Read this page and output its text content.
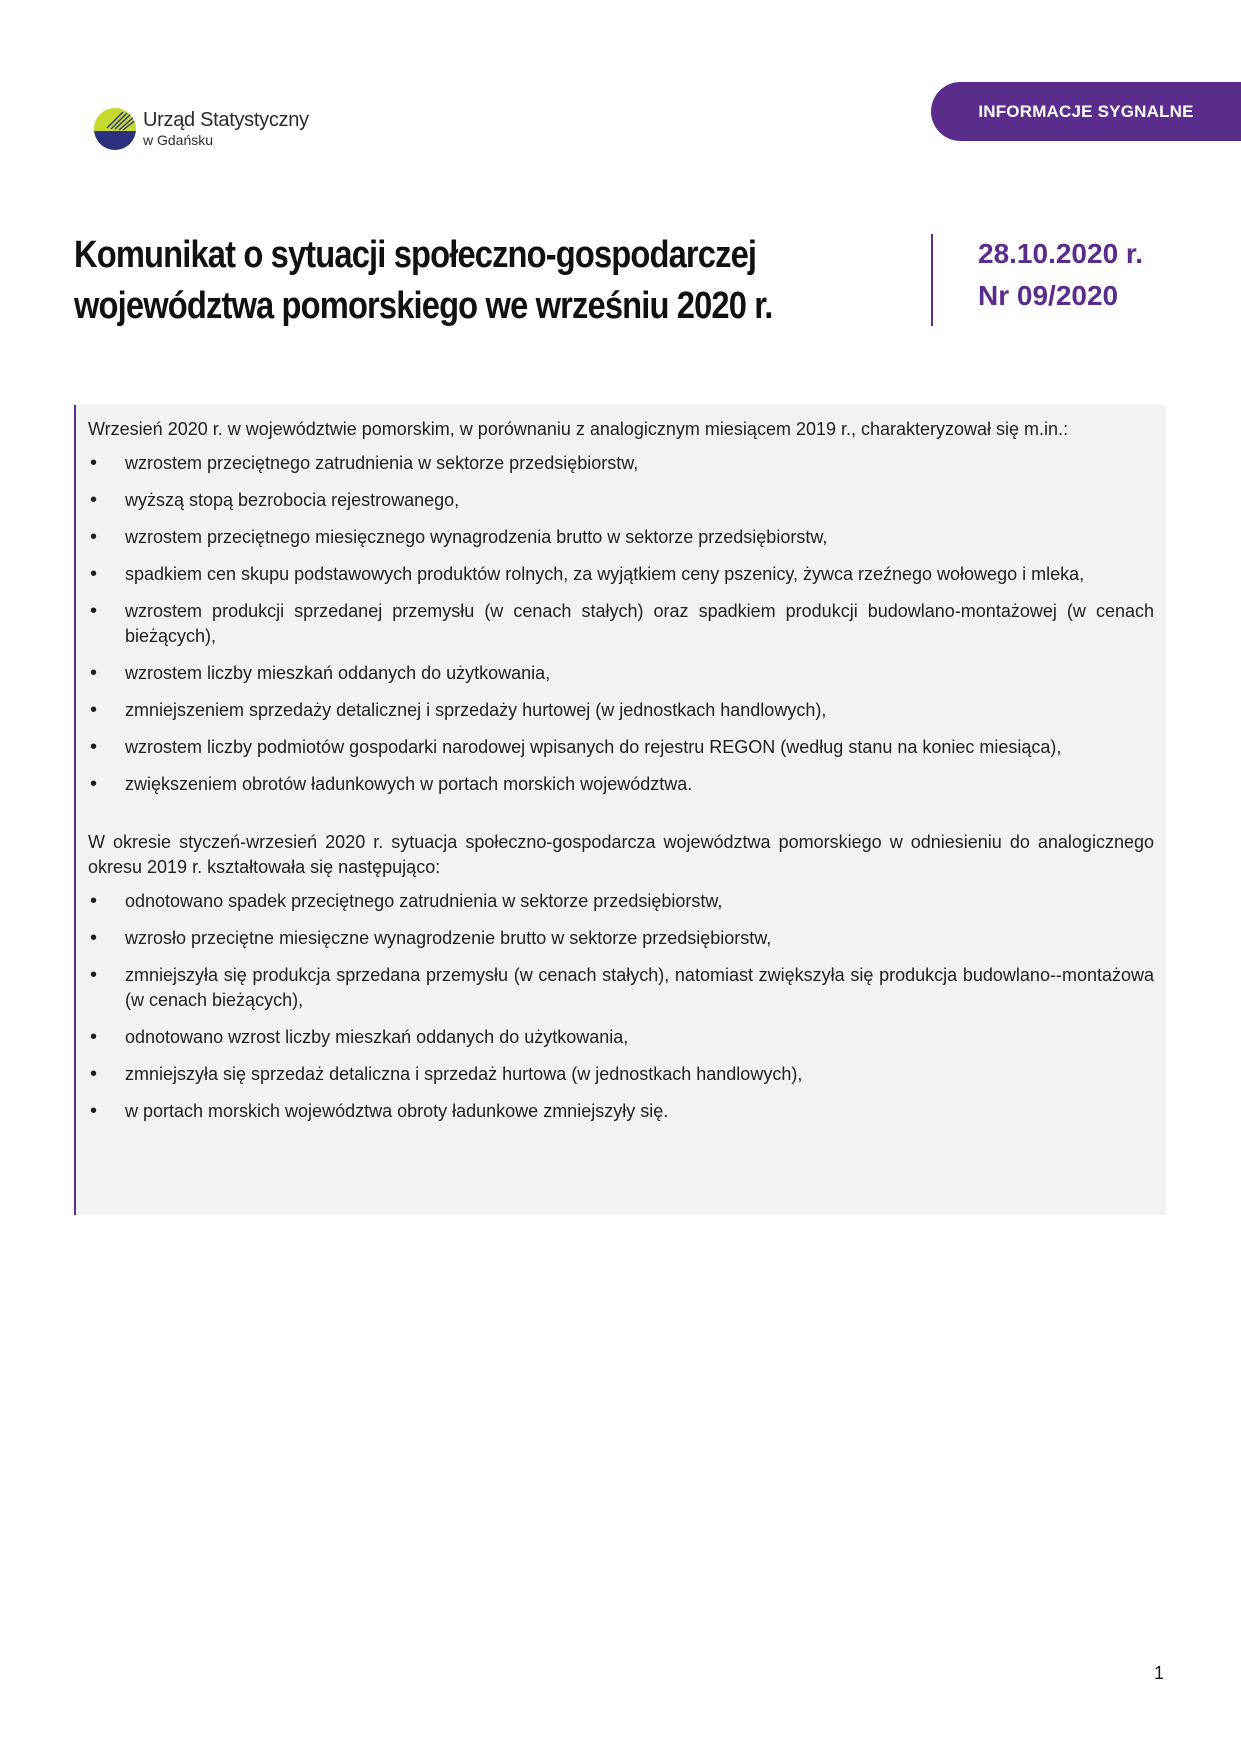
Urząd Statystyczny
w Gdańsku
INFORMACJE SYGNALNE
Komunikat o sytuacji społeczno-gospodarczej
województwa pomorskiego we wrześniu 2020 r.
28.10.2020 r.
Nr 09/2020

Wrzesień 2020 r. w województwie pomorskim, w porównaniu z analogicznym miesiącem 2019 r., charakteryzował się m.in.:

• wzrostem przeciętnego zatrudnienia w sektorze przedsiębiorstw,
• wyższą stopą bezrobocia rejestrowanego,
• wzrostem przeciętnego miesięcznego wynagrodzenia brutto w sektorze przedsiębiorstw,
• spadkiem cen skupu podstawowych produktów rolnych, za wyjątkiem ceny pszenicy, żywca rzeźnego wołowego i mleka,
• wzrostem produkcji sprzedanej przemysłu (w cenach stałych) oraz spadkiem produkcji budowlano-montażowej (w cenach bieżących),
• wzrostem liczby mieszkań oddanych do użytkowania,
• zmniejszeniem sprzedaży detalicznej i sprzedaży hurtowej (w jednostkach handlowych),
• wzrostem liczby podmiotów gospodarki narodowej wpisanych do rejestru REGON (według stanu na koniec miesiąca),
• zwiększeniem obrotów ładunkowych w portach morskich województwa.

W okresie styczeń-wrzesień 2020 r. sytuacja społeczno-gospodarcza województwa pomorskiego w odniesieniu do analogicznego okresu 2019 r. kształtowała się następująco:

• odnotowano spadek przeciętnego zatrudnienia w sektorze przedsiębiorstw,
• wzrosło przeciętne miesięczne wynagrodzenie brutto w sektorze przedsiębiorstw,
• zmniejszyła się produkcja sprzedana przemysłu (w cenach stałych), natomiast zwiększyła się produkcja budowlano--montażowa (w cenach bieżących),
• odnotowano wzrost liczby mieszkań oddanych do użytkowania,
• zmniejszyła się sprzedaż detaliczna i sprzedaż hurtowa (w jednostkach handlowych),
• w portach morskich województwa obroty ładunkowe zmniejszyły się.
1
